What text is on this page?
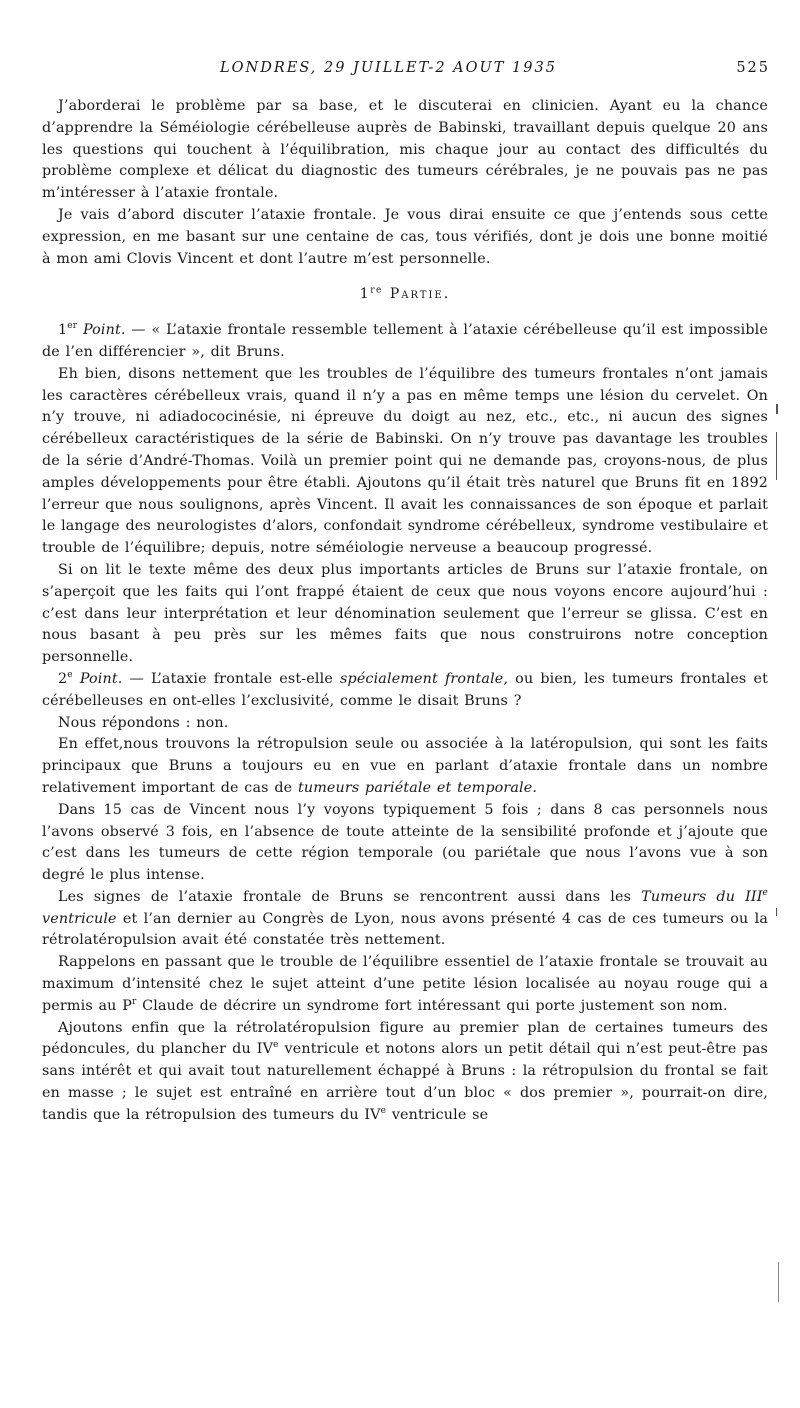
LONDRES, 29 JUILLET-2 AOUT 1935	525

J’aborderai le problème par sa base, et le discuterai en clinicien. Ayant eu la chance d’apprendre la Séméiologie cérébelleuse auprès de Babinski, travaillant depuis quelque 20 ans les questions qui touchent à l’équilibration, mis chaque jour au contact des difficultés du problème complexe et délicat du diagnostic des tumeurs cérébrales, je ne pouvais pas ne pas m’intéresser à l’ataxie frontale.

Je vais d’abord discuter l’ataxie frontale. Je vous dirai ensuite ce que j’entends sous cette expression, en me basant sur une centaine de cas, tous vérifiés, dont je dois une bonne moitié à mon ami Clovis Vincent et dont l’autre m’est personnelle.

1re Partie.

1er Point. — « L’ataxie frontale ressemble tellement à l’ataxie cérébelleuse qu’il est impossible de l’en différencier », dit Bruns.

Eh bien, disons nettement que les troubles de l’équilibre des tumeurs frontales n’ont jamais les caractères cérébelleux vrais, quand il n’y a pas en même temps une lésion du cervelet. On n’y trouve, ni adiadococinésie, ni épreuve du doigt au nez, etc., etc., ni aucun des signes cérébelleux caractéristiques de la série de Babinski. On n’y trouve pas davantage les troubles de la série d’André-Thomas. Voilà un premier point qui ne demande pas, croyons-nous, de plus amples développements pour être établi. Ajoutons qu’il était très naturel que Bruns fit en 1892 l’erreur que nous soulignons, après Vincent. Il avait les connaissances de son époque et parlait le langage des neurologistes d’alors, confondait syndrome cérébelleux, syndrome vestibulaire et trouble de l’équilibre; depuis, notre séméiologie nerveuse a beaucoup progressé.

Si on lit le texte même des deux plus importants articles de Bruns sur l’ataxie frontale, on s’aperçoit que les faits qui l’ont frappé étaient de ceux que nous voyons encore aujourd’hui : c’est dans leur interprétation et leur dénomination seulement que l’erreur se glissa. C’est en nous basant à peu près sur les mêmes faits que nous construirons notre conception personnelle.

2e Point. — L’ataxie frontale est-elle spécialement frontale, ou bien, les tumeurs frontales et cérébelleuses en ont-elles l’exclusivité, comme le disait Bruns ?

Nous répondons : non.

En effet,nous trouvons la rétropulsion seule ou associée à la latéropulsion, qui sont les faits principaux que Bruns a toujours eu en vue en parlant d’ataxie frontale dans un nombre relativement important de cas de tumeurs pariétale et temporale.

Dans 15 cas de Vincent nous l’y voyons typiquement 5 fois ; dans 8 cas personnels nous l’avons observé 3 fois, en l’absence de toute atteinte de la sensibilité profonde et j’ajoute que c’est dans les tumeurs de cette région temporale (ou pariétale que nous l’avons vue à son degré le plus intense.

Les signes de l’ataxie frontale de Bruns se rencontrent aussi dans les Tumeurs du IIIe ventricule et l’an dernier au Congrès de Lyon, nous avons présenté 4 cas de ces tumeurs ou la rétrolatéropulsion avait été constatée très nettement.

Rappelons en passant que le trouble de l’équilibre essentiel de l’ataxie frontale se trouvait au maximum d’intensité chez le sujet atteint d’une petite lésion localisée au noyau rouge qui a permis au $P^r$ Claude de décrire un syndrome fort intéressant qui porte justement son nom.

Ajoutons enfin que la rétrolatéropulsion figure au premier plan de certaines tumeurs des pédoncules, du plancher du IVe ventricule et notons alors un petit détail qui n’est peut-être pas sans intérêt et qui avait tout naturellement échappé à Bruns : la rétropulsion du frontal se fait en masse ; le sujet est entraîné en arrière tout d’un bloc « dos premier », pourrait-on dire, tandis que la rétropulsion des tumeurs du IVe ventricule se
